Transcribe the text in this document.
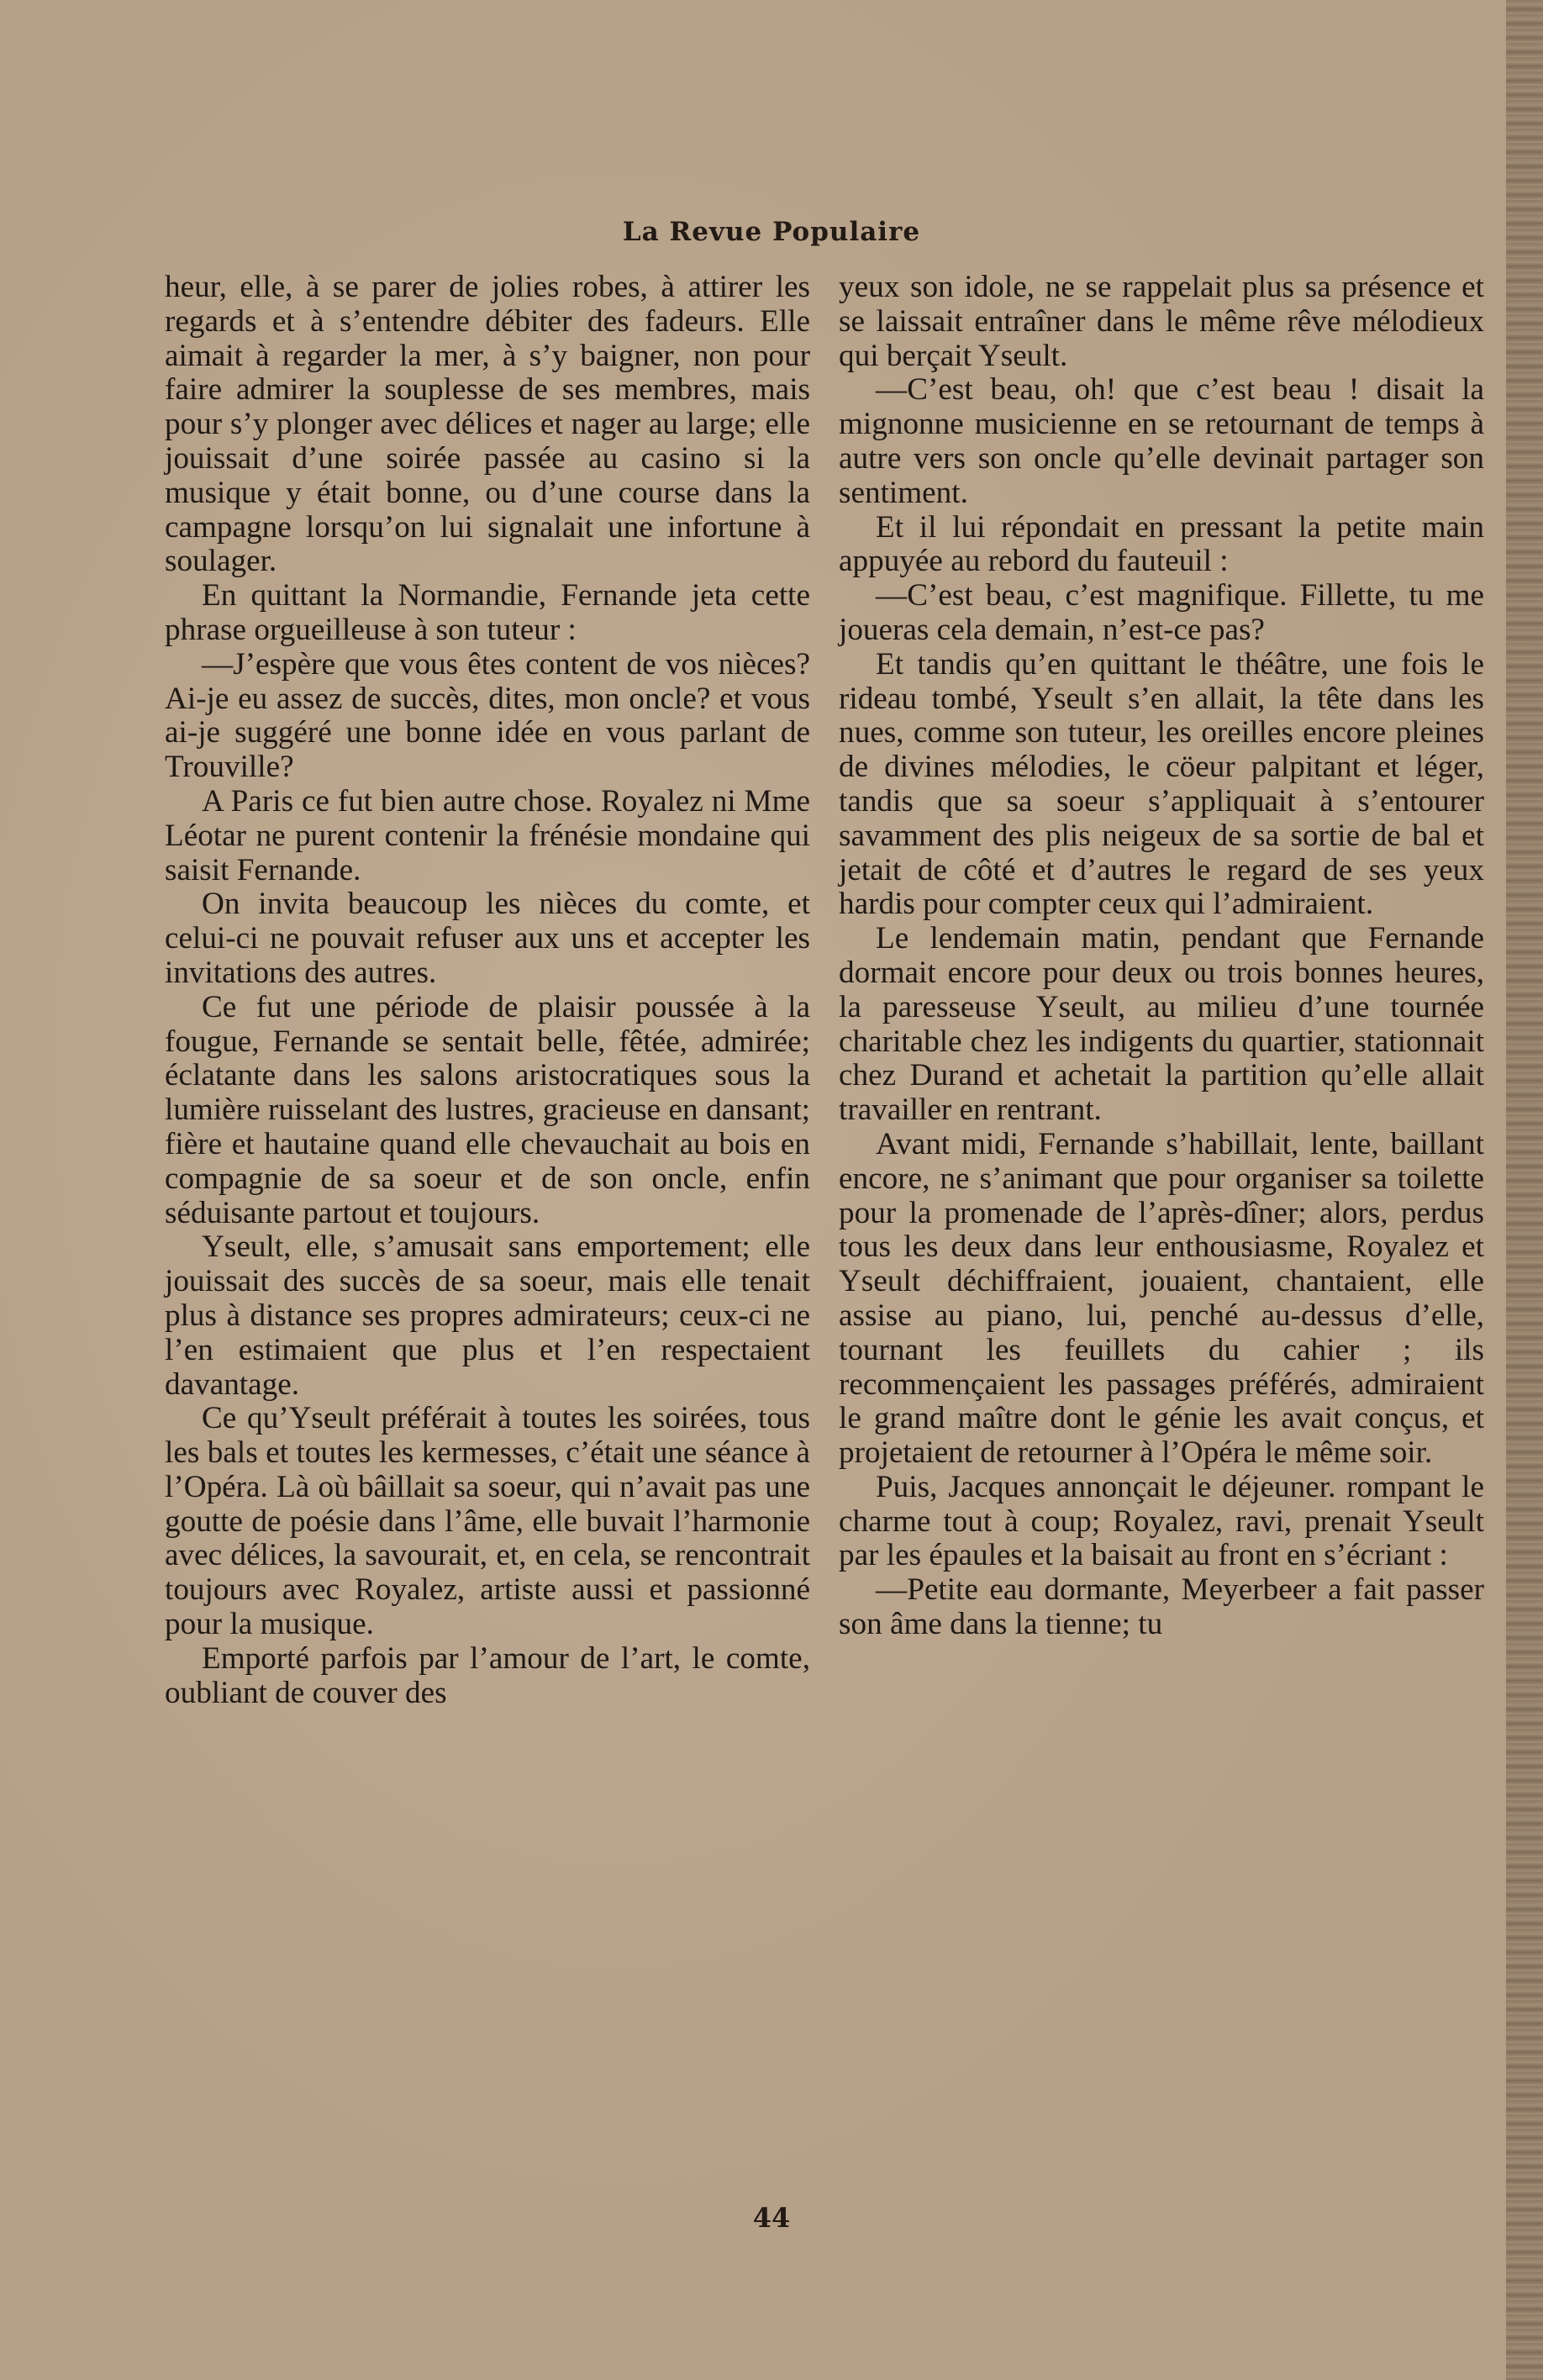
La Revue Populaire

heur, elle, à se parer de jolies robes, à attirer les regards et à s’entendre débiter des fadeurs. Elle aimait à regarder la mer, à s’y baigner, non pour faire admirer la souplesse de ses membres, mais pour s’y plonger avec délices et nager au large; elle jouissait d’une soirée passée au casino si la musique y était bonne, ou d’une course dans la campagne lorsqu’on lui signalait une infortune à soulager.

En quittant la Normandie, Fernande jeta cette phrase orgueilleuse à son tuteur :

—J’espère que vous êtes content de vos nièces? Ai-je eu assez de succès, dites, mon oncle? et vous ai-je suggéré une bonne idée en vous parlant de Trouville?

A Paris ce fut bien autre chose. Royalez ni Mme Léotar ne purent contenir la frénésie mondaine qui saisit Fernande.

On invita beaucoup les nièces du comte, et celui-ci ne pouvait refuser aux uns et accepter les invitations des autres.

Ce fut une période de plaisir poussée à la fougue, Fernande se sentait belle, fêtée, admirée; éclatante dans les salons aristocratiques sous la lumière ruisselant des lustres, gracieuse en dansant; fière et hautaine quand elle chevauchait au bois en compagnie de sa soeur et de son oncle, enfin séduisante partout et toujours.

Yseult, elle, s’amusait sans emportement; elle jouissait des succès de sa soeur, mais elle tenait plus à distance ses propres admirateurs; ceux-ci ne l’en estimaient que plus et l’en respectaient davantage.

Ce qu’Yseult préférait à toutes les soirées, tous les bals et toutes les kermesses, c’était une séance à l’Opéra. Là où bâillait sa soeur, qui n’avait pas une goutte de poésie dans l’âme, elle buvait l’harmonie avec délices, la savourait, et, en cela, se rencontrait toujours avec Royalez, artiste aussi et passionné pour la musique.

Emporté parfois par l’amour de l’art, le comte, oubliant de couver des

yeux son idole, ne se rappelait plus sa présence et se laissait entraîner dans le même rêve mélodieux qui berçait Yseult.

—C’est beau, oh! que c’est beau ! disait la mignonne musicienne en se retournant de temps à autre vers son oncle qu’elle devinait partager son sentiment.

Et il lui répondait en pressant la petite main appuyée au rebord du fauteuil :

—C’est beau, c’est magnifique. Fillette, tu me joueras cela demain, n’est-ce pas?

Et tandis qu’en quittant le théâtre, une fois le rideau tombé, Yseult s’en allait, la tête dans les nues, comme son tuteur, les oreilles encore pleines de divines mélodies, le cöeur palpitant et léger, tandis que sa soeur s’appliquait à s’entourer savamment des plis neigeux de sa sortie de bal et jetait de côté et d’autres le regard de ses yeux hardis pour compter ceux qui l’admiraient.

Le lendemain matin, pendant que Fernande dormait encore pour deux ou trois bonnes heures, la paresseuse Yseult, au milieu d’une tournée charitable chez les indigents du quartier, stationnait chez Durand et achetait la partition qu’elle allait travailler en rentrant.

Avant midi, Fernande s’habillait, lente, baillant encore, ne s’animant que pour organiser sa toilette pour la promenade de l’après-dîner; alors, perdus tous les deux dans leur enthousiasme, Royalez et Yseult déchiffraient, jouaient, chantaient, elle assise au piano, lui, penché au-dessus d’elle, tournant les feuillets du cahier ; ils recommençaient les passages préférés, admiraient le grand maître dont le génie les avait conçus, et projetaient de retourner à l’Opéra le même soir.

Puis, Jacques annonçait le déjeuner. rompant le charme tout à coup; Royalez, ravi, prenait Yseult par les épaules et la baisait au front en s’écriant :

—Petite eau dormante, Meyerbeer a fait passer son âme dans la tienne; tu

44
